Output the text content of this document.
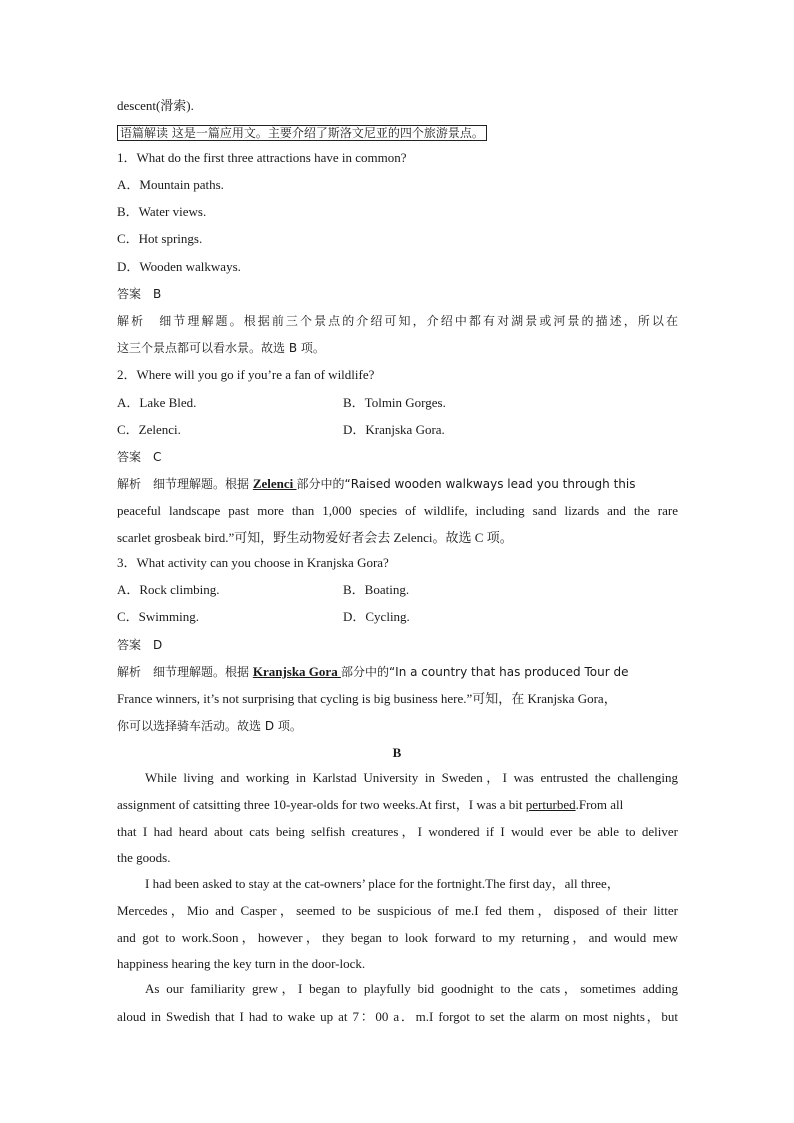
descent(滑索).
语篇解读 这是一篇应用文。主要介绍了斯洛文尼亚的四个旅游景点。
1．What do the first three attractions have in common?
A．Mountain paths.
B．Water views.
C．Hot springs.
D．Wooden walkways.
答案　B
解析　细节理解题。根据前三个景点的介绍可知，介绍中都有对湖景或河景的描述，所以在
这三个景点都可以看水景。故选 B 项。
2．Where will you go if you’re a fan of wildlife?
A．Lake Bled.	B．Tolmin Gorges.
C．Zelenci.	D．Kranjska Gora.
答案　C
解析　细节理解题。根据 Zelenci 部分中的“Raised wooden walkways lead you through this
peaceful landscape past more than 1,000 species of wildlife, including sand lizards and the rare
scarlet grosbeak bird.”可知，野生动物爱好者会去 Zelenci。故选 C 项。
3．What activity can you choose in Kranjska Gora?
A．Rock climbing.	B．Boating.
C．Swimming.	D．Cycling.
答案　D
解析　细节理解题。根据 Kranjska Gora 部分中的“In a country that has produced Tour de
France winners, it’s not surprising that cycling is big business here.”可知，在 Kranjska Gora，
你可以选择骑车活动。故选 D 项。
B
While living and working in Karlstad University in Sweden，I was entrusted the challenging
assignment of catsitting three 10-year-olds for two weeks.At first，I was a bit perturbed.From all
that I had heard about cats being selfish creatures，I wondered if I would ever be able to deliver
the goods.
I had been asked to stay at the cat-owners’ place for the fortnight.The first day，all three，
Mercedes，Mio and Casper，seemed to be suspicious of me.I fed them，disposed of their litter
and got to work.Soon，however，they began to look forward to my returning，and would mew
happiness hearing the key turn in the door-lock.
As our familiarity grew，I began to playfully bid goodnight to the cats，sometimes adding
aloud in Swedish that I had to wake up at 7：00 a．m.I forgot to set the alarm on most nights，but
